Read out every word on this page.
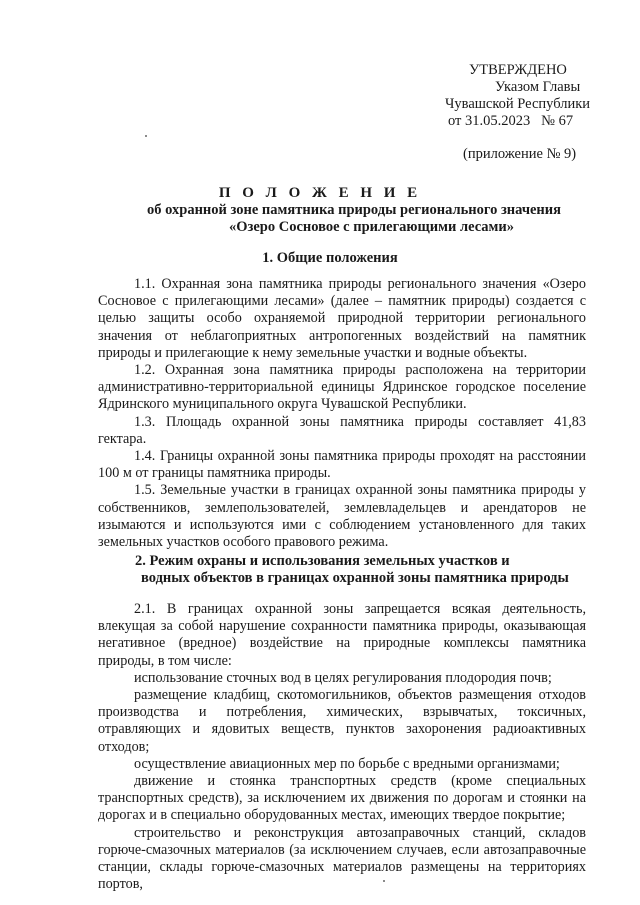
УТВЕРЖДЕНО
Указом Главы
Чувашской Республики
от 31.05.2023   № 67
(приложение № 9)
П О Л О Ж Е Н И Е
об охранной зоне памятника природы регионального значения
«Озеро Сосновое с прилегающими лесами»
1. Общие положения

1.1. Охранная зона памятника природы регионального значения «Озеро Сосновое с прилегающими лесами» (далее – памятник природы) создается с целью защиты особо охраняемой природной территории регионального значения от неблагоприятных антропогенных воздействий на памятник природы и прилегающие к нему земельные участки и водные объекты.

1.2. Охранная зона памятника природы расположена на территории административно-территориальной единицы Ядринское городское поселение Ядринского муниципального округа Чувашской Республики.

1.3. Площадь охранной зоны памятника природы составляет 41,83 гектара.

1.4. Границы охранной зоны памятника природы проходят на расстоянии 100 м от границы памятника природы.

1.5. Земельные участки в границах охранной зоны памятника природы у собственников, землепользователей, землевладельцев и арендаторов не изымаются и используются ими с соблюдением установленного для таких земельных участков особого правового режима.

2. Режим охраны и использования земельных участков и
водных объектов в границах охранной зоны памятника природы

2.1. В границах охранной зоны запрещается всякая деятельность, влекущая за собой нарушение сохранности памятника природы, оказывающая негативное (вредное) воздействие на природные комплексы памятника природы, в том числе:

использование сточных вод в целях регулирования плодородия почв;

размещение кладбищ, скотомогильников, объектов размещения отходов производства и потребления, химических, взрывчатых, токсичных, отравляющих и ядовитых веществ, пунктов захоронения радиоактивных отходов;

осуществление авиационных мер по борьбе с вредными организмами;

движение и стоянка транспортных средств (кроме специальных транспортных средств), за исключением их движения по дорогам и стоянки на дорогах и в специально оборудованных местах, имеющих твердое покрытие;

строительство и реконструкция автозаправочных станций, складов горюче-смазочных материалов (за исключением случаев, если автозаправочные станции, склады горюче-смазочных материалов размещены на территориях портов,
